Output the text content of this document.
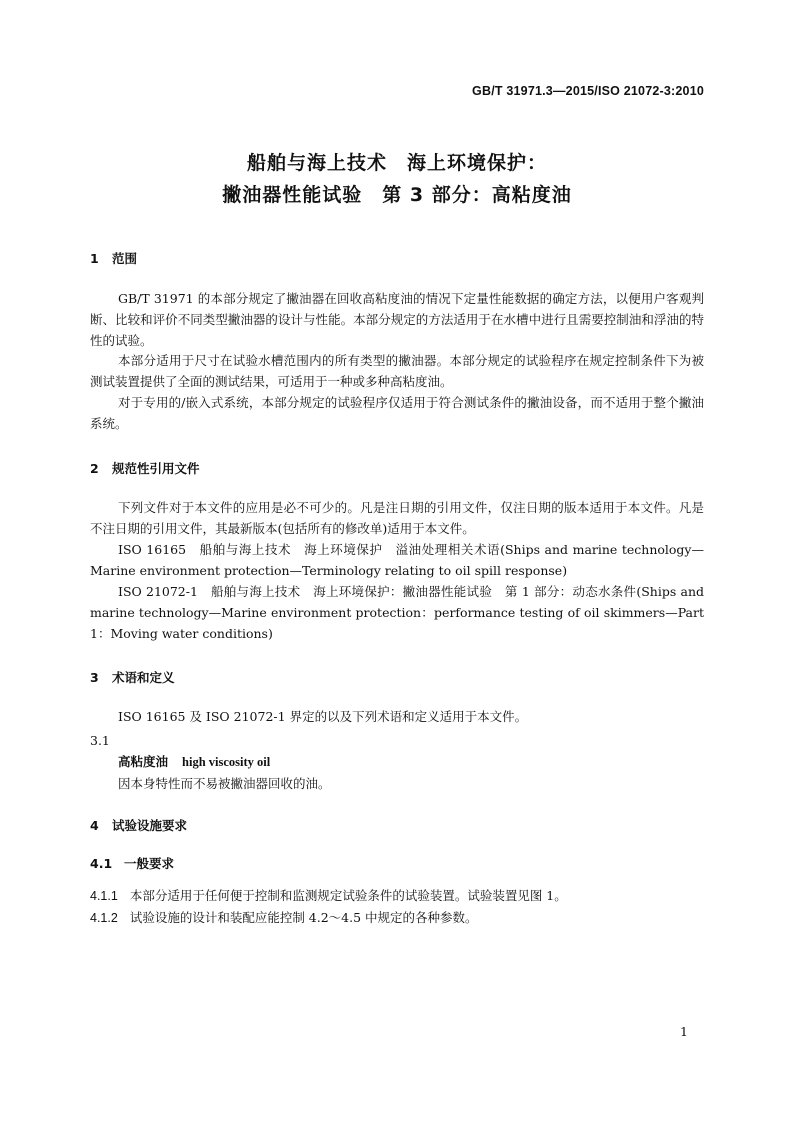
GB/T 31971.3—2015/ISO 21072-3:2010
船舶与海上技术　海上环境保护：
撇油器性能试验　第 3 部分：高粘度油
1 范围
GB/T 31971 的本部分规定了撇油器在回收高粘度油的情况下定量性能数据的确定方法，以便用户客观判断、比较和评价不同类型撇油器的设计与性能。本部分规定的方法适用于在水槽中进行且需要控制油和浮油的特性的试验。
本部分适用于尺寸在试验水槽范围内的所有类型的撇油器。本部分规定的试验程序在规定控制条件下为被测试装置提供了全面的测试结果，可适用于一种或多种高粘度油。
对于专用的/嵌入式系统，本部分规定的试验程序仅适用于符合测试条件的撇油设备，而不适用于整个撇油系统。
2 规范性引用文件
下列文件对于本文件的应用是必不可少的。凡是注日期的引用文件，仅注日期的版本适用于本文件。凡是不注日期的引用文件，其最新版本(包括所有的修改单)适用于本文件。
ISO 16165　船舶与海上技术　海上环境保护　溢油处理相关术语(Ships and marine technology—Marine environment protection—Terminology relating to oil spill response)
ISO 21072-1　船舶与海上技术　海上环境保护：撇油器性能试验　第 1 部分：动态水条件(Ships and marine technology—Marine environment protection：performance testing of oil skimmers—Part 1：Moving water conditions)
3 术语和定义
ISO 16165 及 ISO 21072-1 界定的以及下列术语和定义适用于本文件。
3.1
高粘度油 high viscosity oil
因本身特性而不易被撇油器回收的油。
4 试验设施要求
4.1 一般要求
4.1.1 本部分适用于任何便于控制和监测规定试验条件的试验装置。试验装置见图 1。
4.1.2 试验设施的设计和装配应能控制 4.2～4.5 中规定的各种参数。
1
